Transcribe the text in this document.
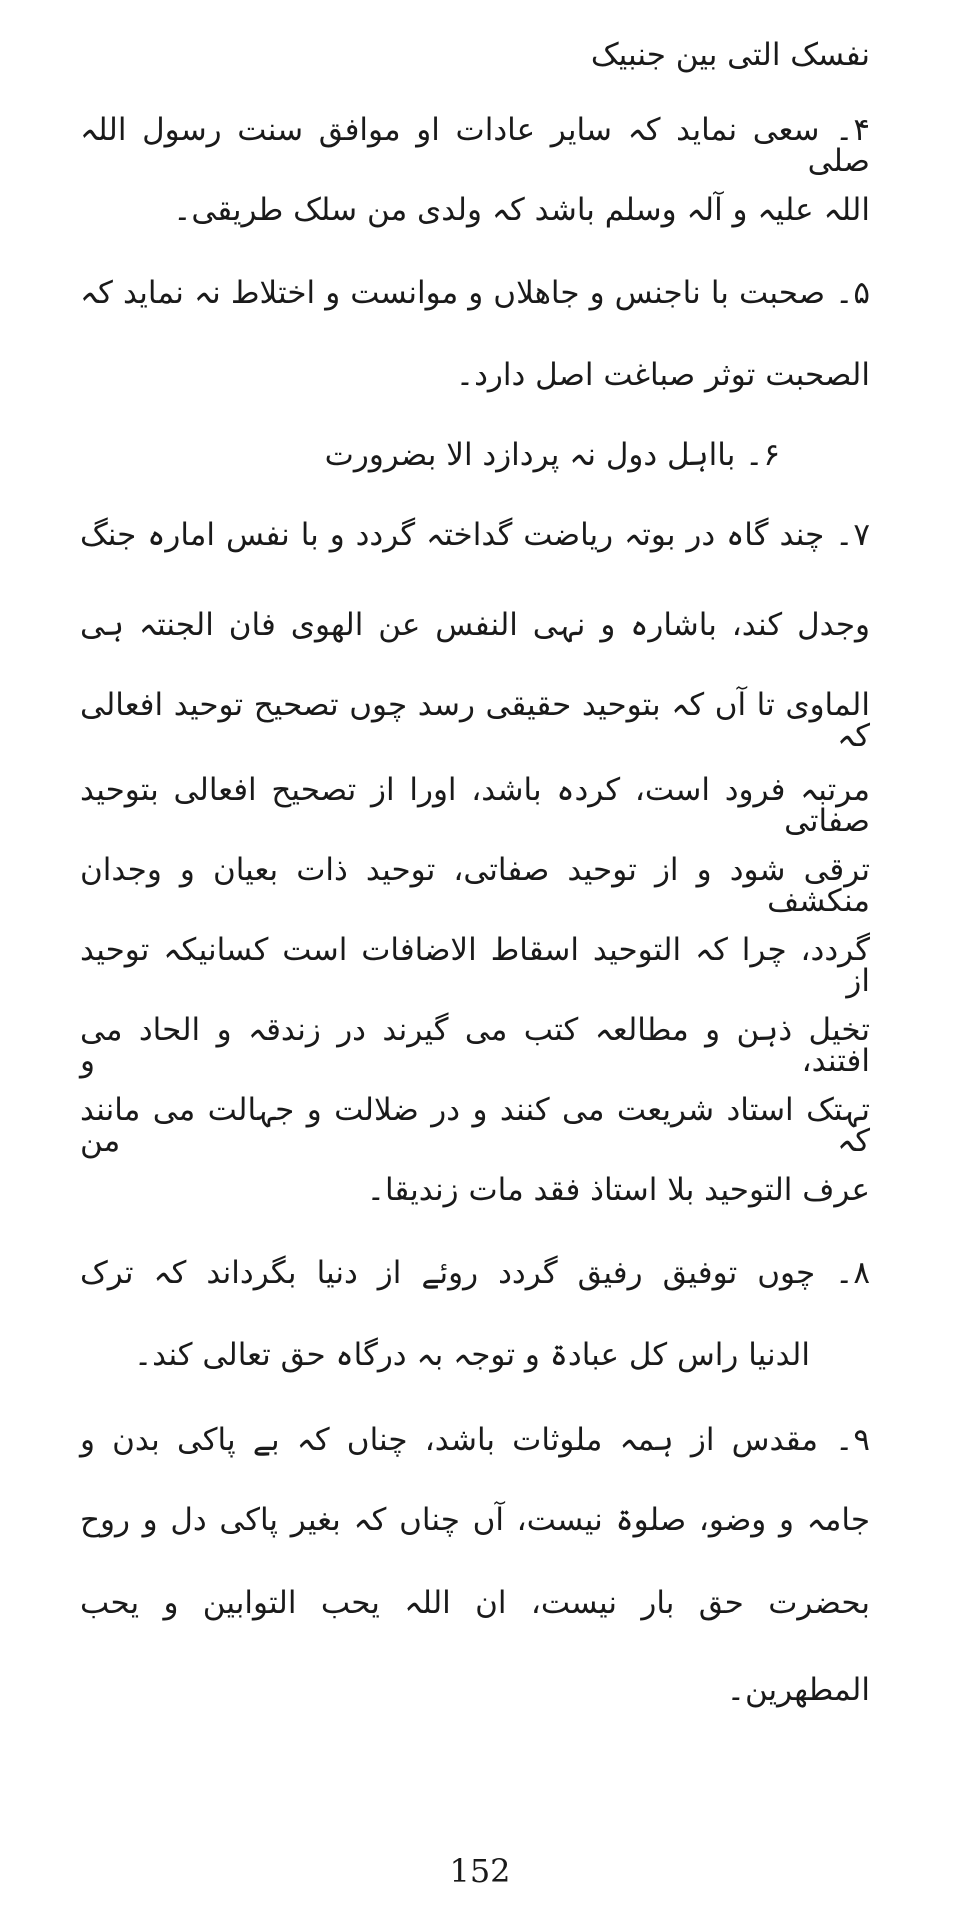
نفسک التی بین جنبیک
۴۔ سعی نماید کہ سایر عادات او موافق سنت رسول اللہ صلی
اللہ علیہ و آلہ وسلم باشد کہ ولدی من سلک طریقی۔
۵۔ صحبت با ناجنس و جاھلاں و موانست و اختلاط نہ نماید کہ
الصحبت توثر صباغت اصل دارد۔
۶۔ بااہل دول نہ پردازد الا بضرورت
۷۔ چند گاہ در بوتہ ریاضت گداختہ گردد و با نفس امارہ جنگ
وجدل کند، باشارہ و نہی النفس عن الھوی فان الجنتہ ہی
الماوی تا آں کہ بتوحید حقیقی رسد چوں تصحیح توحید افعالی کہ
مرتبہ فرود است، کردہ باشد، اورا از تصحیح افعالی بتوحید صفاتی
ترقی شود و از توحید صفاتی، توحید ذات بعیان و وجدان منکشف
گردد، چرا کہ التوحید اسقاط الاضافات است کسانیکہ توحید از
تخیل ذہن و مطالعہ کتب می گیرند در زندقہ و الحاد می افتند، و
تہتک استاد شریعت می کنند و در ضلالت و جہالت می مانند کہ من
عرف التوحید بلا استاذ فقد مات زندیقا۔
۸۔ چوں توفیق رفیق گردد روئے از دنیا بگرداند کہ ترک
الدنیا راس کل عبادۃ و توجہ بہ درگاہ حق تعالی کند۔
۹۔ مقدس از ہمہ ملوثات باشد، چناں کہ بے پاکی بدن و
جامہ و وضو، صلوۃ نیست، آں چناں کہ بغیر پاکی دل و روح
بحضرت حق بار نیست، ان اللہ یحب التوابین و یحب
المطھرین۔
152
